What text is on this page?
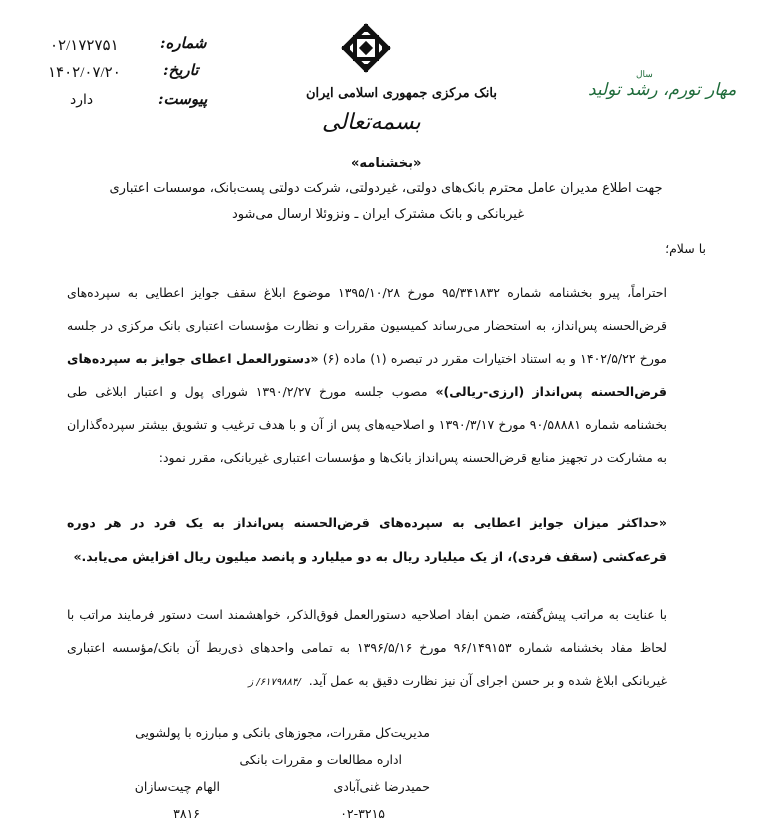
۰۲/۱۷۲۷۵۱	شماره:
۱۴۰۲/۰۷/۲۰	تاریخ:
دارد	پیوست:	بانک مرکزی جمهوری اسلامی ایران
بسمه‌تعالی
سال
مهار تورم، رشد تولید
«بخشنامه»
جهت اطلاع مدیران عامل محترم بانک‌های دولتی، غیردولتی، شرکت دولتی پست‌بانک، موسسات اعتباری
غیربانکی و بانک مشترک ایران ـ ونزوئلا ارسال می‌شود
با سلام؛
احتراماً، پیرو بخشنامه شماره ۹۵/۳۴۱۸۳۲ مورخ ۱۳۹۵/۱۰/۲۸ موضوع ابلاغ سقف جوایز اعطایی به سپرده‌های قرض‌الحسنه پس‌انداز، به استحضار می‌رساند کمیسیون مقررات و نظارت مؤسسات اعتباری بانک مرکزی در جلسه مورخ ۱۴۰۲/۵/۲۲ و به استناد اختیارات مقرر در تبصره (۱) ماده (۶) «دستورالعمل اعطای جوایز به سپرده‌های قرض‌الحسنه پس‌انداز (ارزی-ریالی)» مصوب جلسه مورخ ۱۳۹۰/۲/۲۷ شورای پول و اعتبار ابلاغی طی بخشنامه شماره ۹۰/۵۸۸۸۱ مورخ ۱۳۹۰/۳/۱۷ و اصلاحیه‌های پس از آن و با هدف ترغیب و تشویق بیشتر سپرده‌گذاران به مشارکت در تجهیز منابع قرض‌الحسنه پس‌انداز بانک‌ها و مؤسسات اعتباری غیربانکی، مقرر نمود:
«حداکثر میزان جوایز اعطایی به سپرده‌های قرض‌الحسنه پس‌انداز به یک فرد در هر دوره قرعه‌کشی (سقف فردی)، از یک میلیارد ریال به دو میلیارد و پانصد میلیون ریال افزایش می‌یابد.»
با عنایت به مراتب پیش‌گفته، ضمن ابفاد اصلاحیه دستورالعمل فوق‌الذکر، خواهشمند است دستور فرمایند مراتب با لحاظ مفاد بخشنامه شماره ۹۶/۱۴۹۱۵۳ مورخ ۱۳۹۶/۵/۱۶ به تمامی واحدهای ذی‌ربط آن بانک/مؤسسه اعتباری غیربانکی ابلاغ شده و بر حسن اجرای آن نیز نظارت دقیق به عمل آید. /۶۱۷۹۸۸۴/ ز
مدیریت‌کل مقررات، مجوزهای بانکی و مبارزه با پولشویی
اداره مطالعات و مقررات بانکی
حمیدرضا غنی‌آبادی
الهام چیت‌سازان
۰۲-۳۲۱۵
۳۸۱۶
